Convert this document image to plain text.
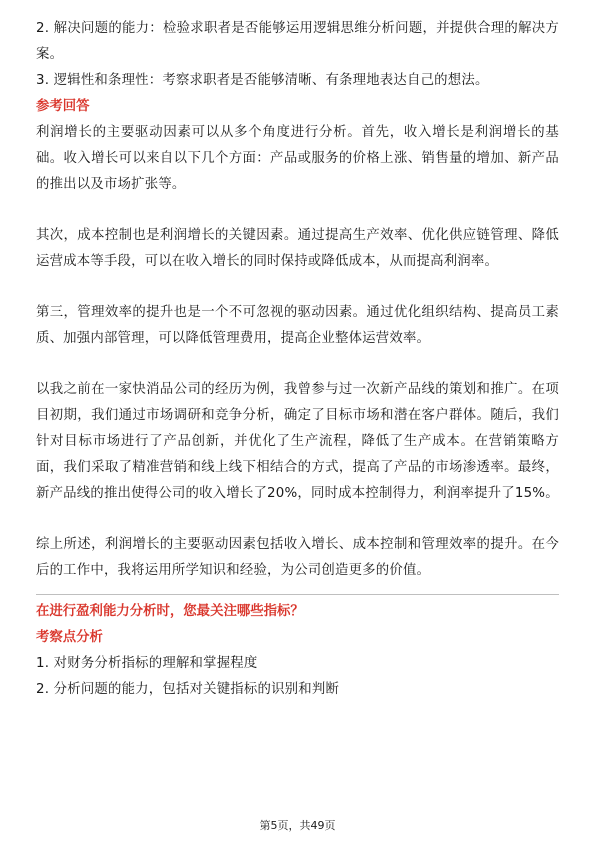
2. 解决问题的能力：检验求职者是否能够运用逻辑思维分析问题，并提供合理的解决方案。

3. 逻辑性和条理性：考察求职者是否能够清晰、有条理地表达自己的想法。

参考回答

利润增长的主要驱动因素可以从多个角度进行分析。首先，收入增长是利润增长的基础。收入增长可以来自以下几个方面：产品或服务的价格上涨、销售量的增加、新产品的推出以及市场扩张等。

其次，成本控制也是利润增长的关键因素。通过提高生产效率、优化供应链管理、降低运营成本等手段，可以在收入增长的同时保持或降低成本，从而提高利润率。

第三，管理效率的提升也是一个不可忽视的驱动因素。通过优化组织结构、提高员工素质、加强内部管理，可以降低管理费用，提高企业整体运营效率。

以我之前在一家快消品公司的经历为例，我曾参与过一次新产品线的策划和推广。在项目初期，我们通过市场调研和竞争分析，确定了目标市场和潜在客户群体。随后，我们针对目标市场进行了产品创新，并优化了生产流程，降低了生产成本。在营销策略方面，我们采取了精准营销和线上线下相结合的方式，提高了产品的市场渗透率。最终，新产品线的推出使得公司的收入增长了20%，同时成本控制得力，利润率提升了15%。

综上所述，利润增长的主要驱动因素包括收入增长、成本控制和管理效率的提升。在今后的工作中，我将运用所学知识和经验，为公司创造更多的价值。

在进行盈利能力分析时，您最关注哪些指标？

考察点分析

1. 对财务分析指标的理解和掌握程度

2. 分析问题的能力，包括对关键指标的识别和判断

第5页，共49页
